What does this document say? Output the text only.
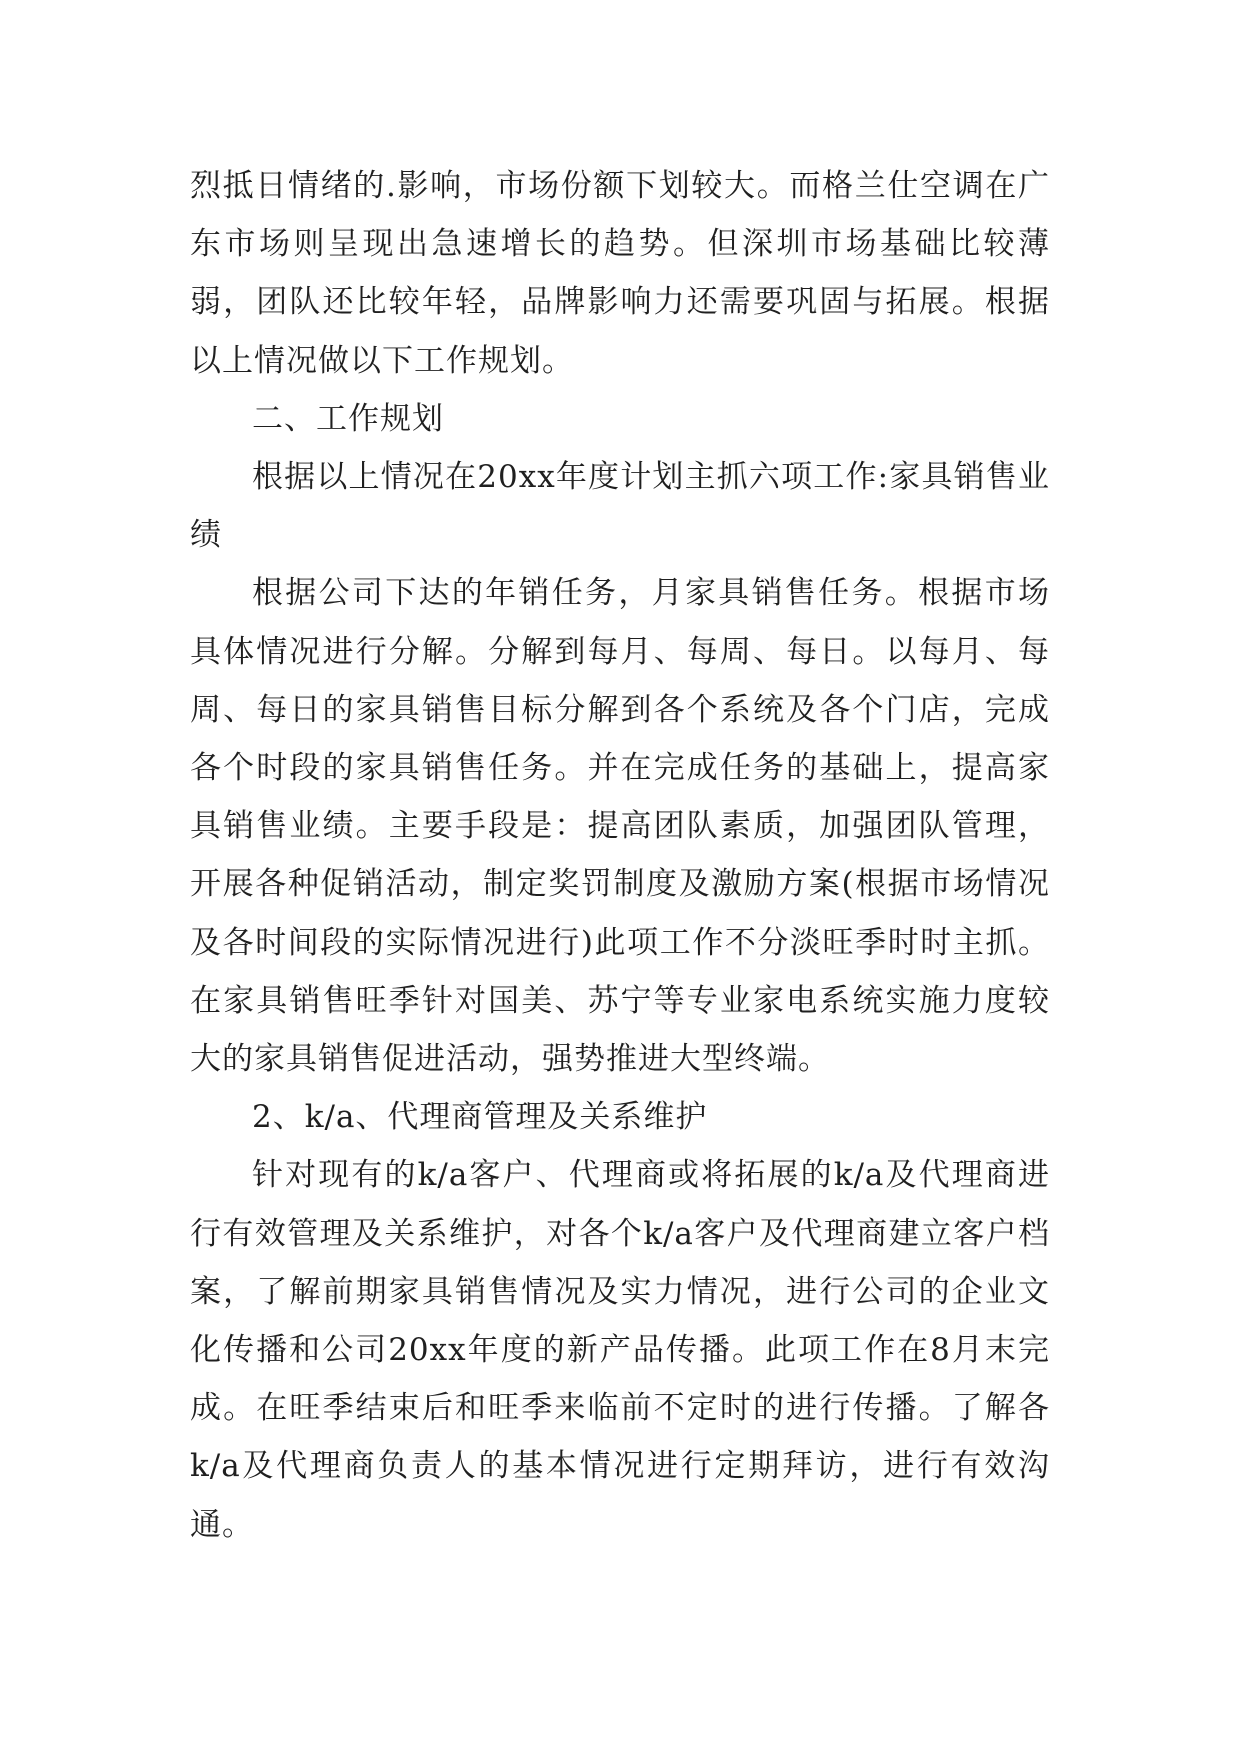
烈抵日情绪的.影响，市场份额下划较大。而格兰仕空调在广东市场则呈现出急速增长的趋势。但深圳市场基础比较薄弱，团队还比较年轻，品牌影响力还需要巩固与拓展。根据以上情况做以下工作规划。

二、工作规划

根据以上情况在20xx年度计划主抓六项工作:家具销售业绩

根据公司下达的年销任务，月家具销售任务。根据市场具体情况进行分解。分解到每月、每周、每日。以每月、每周、每日的家具销售目标分解到各个系统及各个门店，完成各个时段的家具销售任务。并在完成任务的基础上，提高家具销售业绩。主要手段是：提高团队素质，加强团队管理，开展各种促销活动，制定奖罚制度及激励方案(根据市场情况及各时间段的实际情况进行)此项工作不分淡旺季时时主抓。在家具销售旺季针对国美、苏宁等专业家电系统实施力度较大的家具销售促进活动，强势推进大型终端。

2、k/a、代理商管理及关系维护

针对现有的k/a客户、代理商或将拓展的k/a及代理商进行有效管理及关系维护，对各个k/a客户及代理商建立客户档案，了解前期家具销售情况及实力情况，进行公司的企业文化传播和公司20xx年度的新产品传播。此项工作在8月末完成。在旺季结束后和旺季来临前不定时的进行传播。了解各k/a及代理商负责人的基本情况进行定期拜访，进行有效沟通。
